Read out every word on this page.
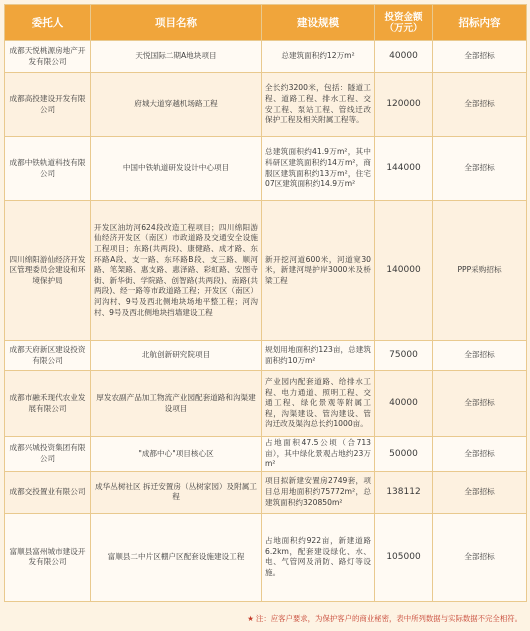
委托人	项目名称	建设规模	投资金额（万元）	招标内容
成都天悦桃源房地产开发有限公司	天悦国际二期A地块项目	总建筑面积约12万m²	40000	全部招标
成都高投建设开发有限公司	府城大道穿越机场路工程	全长约3200米，包括：隧道工程、道路工程、排水工程、交安工程、泵站工程、管线迁改保护工程及相关附属工程等。	120000	全部招标
成都中铁轨道科技有限公司	中国中铁轨道研发设计中心项目	总建筑面积约41.9万m²，其中科研区建筑面积约14万m²，商服区建筑面积约13万m²，住宅07区建筑面积约14.9万m²	144000	全部招标
四川绵阳游仙经济开发区管理委员会建设和环境保护局	开发区油坊河624段改造工程项目；四川绵阳游仙经济开发区（南区）市政道路及交通安全设施工程项目；东路(共两段)、康健路、成才路、东环路A段、支一路、东环路B段、支三路、顺河路、笔架路、惠支路、惠泽路、彩虹路、安图寺街、新华街、学院路、创智路(共两段)、南路(共两段)、经一路等市政道路工程；开发区（南区）河沟村、9号及西北侧地块场地平整工程；河沟村、9号及西北侧地块挡墙建设工程	新开挖河道600米，河道宽30米，新建河堤护岸3000米及桥梁工程	140000	PPP采购招标
成都天府新区建设投资有限公司	北航创新研究院项目	规划用地面积约123亩，总建筑面积约10万m²	75000	全部招标
成都市融禾现代农业发展有限公司	厚发农副产品加工物流产业园配套道路和沟渠建设项目	产业园内配套道路、给排水工程、电力通道、照明工程、交通工程、绿化景观等附属工程，沟渠建设、管沟建设、管沟迁改及渠沟总长约1000亩。	40000	全部招标
成都兴城投资集团有限公司	"成都中心"项目核心区	占地面积47.5公顷（合713亩），其中绿化景观占地约23万m²	50000	全部招标
成都交投置业有限公司	成华丛树社区 拆迁安置房（丛树家园）及附属工程	项目拟新建安置房2749套，项目总用地面积约75772m²，总建筑面积约320850m²	138112	全部招标
富顺县富州城市建设开发有限公司	富顺县二中片区棚户区配套设施建设工程	占地面积约922亩，新建道路6.2km，配套建设绿化、水、电、气管网及消防、路灯等设施。	105000	全部招标
★ 注：应客户要求，为保护客户的商业秘密，表中所列数据与实际数据不完全相符。
